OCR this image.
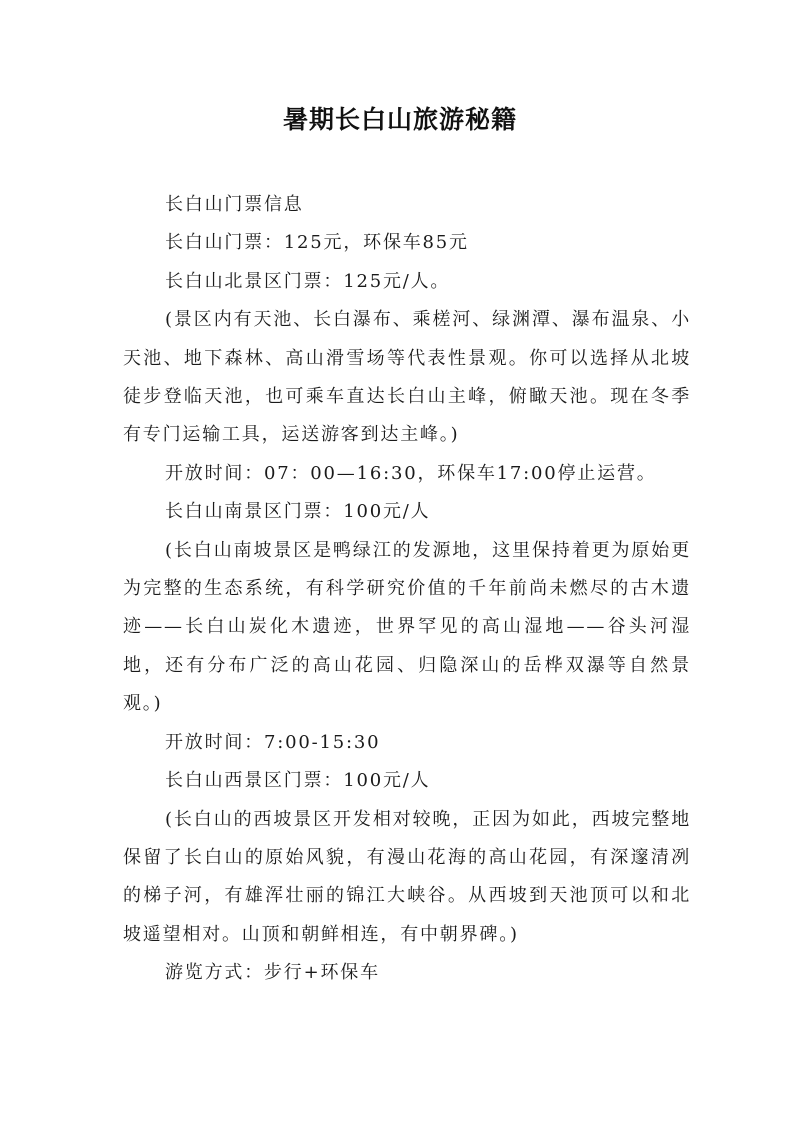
暑期长白山旅游秘籍

长白山门票信息

长白山门票：125元，环保车85元

长白山北景区门票：125元/人。

(景区内有天池、长白瀑布、乘槎河、绿渊潭、瀑布温泉、小天池、地下森林、高山滑雪场等代表性景观。你可以选择从北坡徒步登临天池，也可乘车直达长白山主峰，俯瞰天池。现在冬季有专门运输工具，运送游客到达主峰。)

开放时间：07：00—16:30，环保车17:00停止运营。

长白山南景区门票：100元/人

(长白山南坡景区是鸭绿江的发源地，这里保持着更为原始更为完整的生态系统，有科学研究价值的千年前尚未燃尽的古木遗迹——长白山炭化木遗迹，世界罕见的高山湿地——谷头河湿地，还有分布广泛的高山花园、归隐深山的岳桦双瀑等自然景观。)

开放时间：7:00-15:30

长白山西景区门票：100元/人

(长白山的西坡景区开发相对较晚，正因为如此，西坡完整地保留了长白山的原始风貌，有漫山花海的高山花园，有深邃清冽的梯子河，有雄浑壮丽的锦江大峡谷。从西坡到天池顶可以和北坡遥望相对。山顶和朝鲜相连，有中朝界碑。)

游览方式：步行+环保车
